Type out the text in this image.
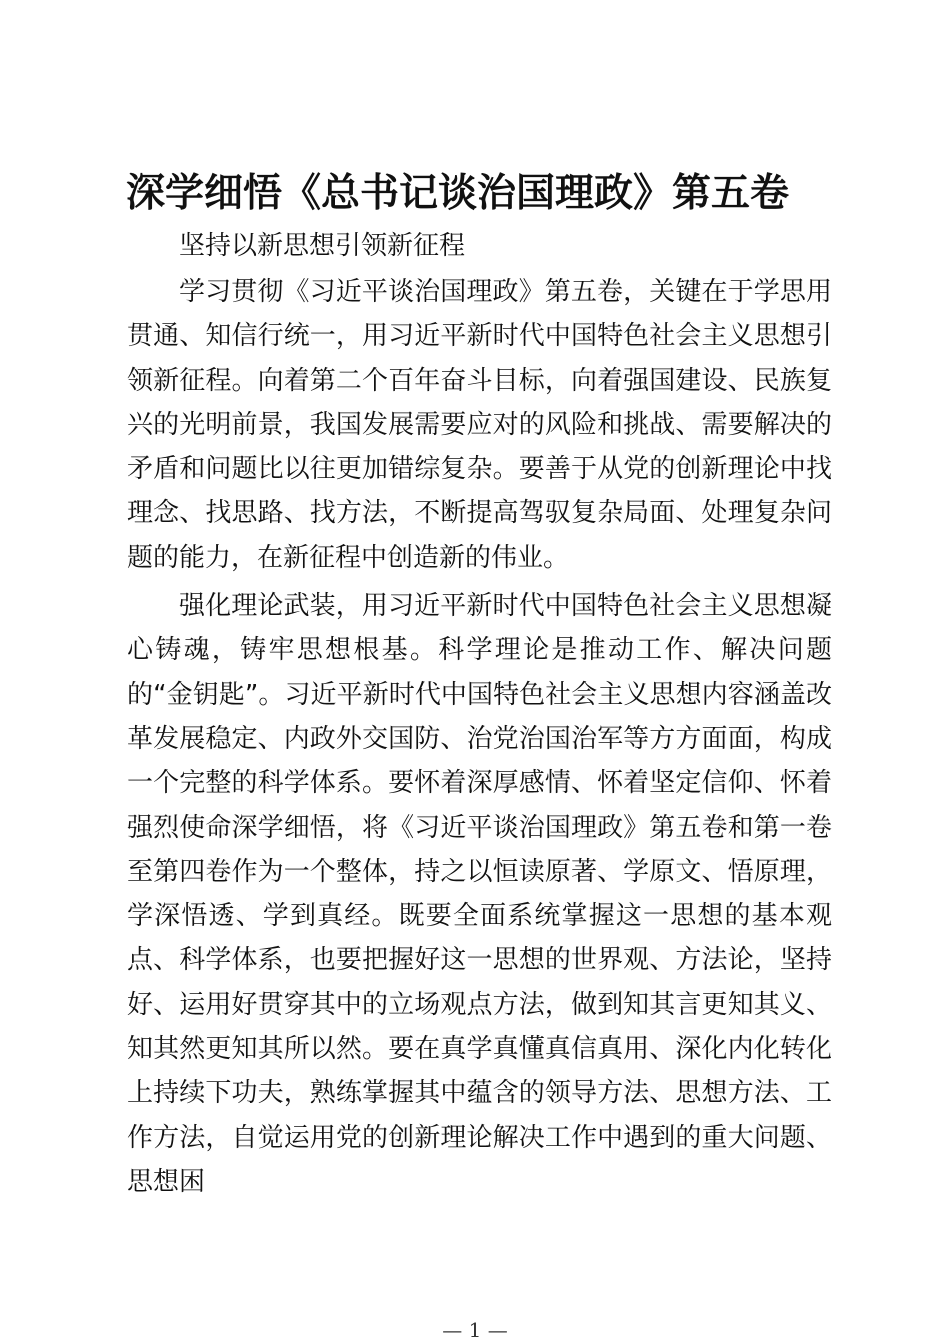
深学细悟《总书记谈治国理政》第五卷

坚持以新思想引领新征程

学习贯彻《习近平谈治国理政》第五卷，关键在于学思用贯通、知信行统一，用习近平新时代中国特色社会主义思想引领新征程。向着第二个百年奋斗目标，向着强国建设、民族复兴的光明前景，我国发展需要应对的风险和挑战、需要解决的矛盾和问题比以往更加错综复杂。要善于从党的创新理论中找理念、找思路、找方法，不断提高驾驭复杂局面、处理复杂问题的能力，在新征程中创造新的伟业。

强化理论武装，用习近平新时代中国特色社会主义思想凝心铸魂，铸牢思想根基。科学理论是推动工作、解决问题的“金钥匙”。习近平新时代中国特色社会主义思想内容涵盖改革发展稳定、内政外交国防、治党治国治军等方方面面，构成一个完整的科学体系。要怀着深厚感情、怀着坚定信仰、怀着强烈使命深学细悟，将《习近平谈治国理政》第五卷和第一卷至第四卷作为一个整体，持之以恒读原著、学原文、悟原理，学深悟透、学到真经。既要全面系统掌握这一思想的基本观点、科学体系，也要把握好这一思想的世界观、方法论，坚持好、运用好贯穿其中的立场观点方法，做到知其言更知其义、知其然更知其所以然。要在真学真懂真信真用、深化内化转化上持续下功夫，熟练掌握其中蕴含的领导方法、思想方法、工作方法，自觉运用党的创新理论解决工作中遇到的重大问题、思想困

— 1 —
